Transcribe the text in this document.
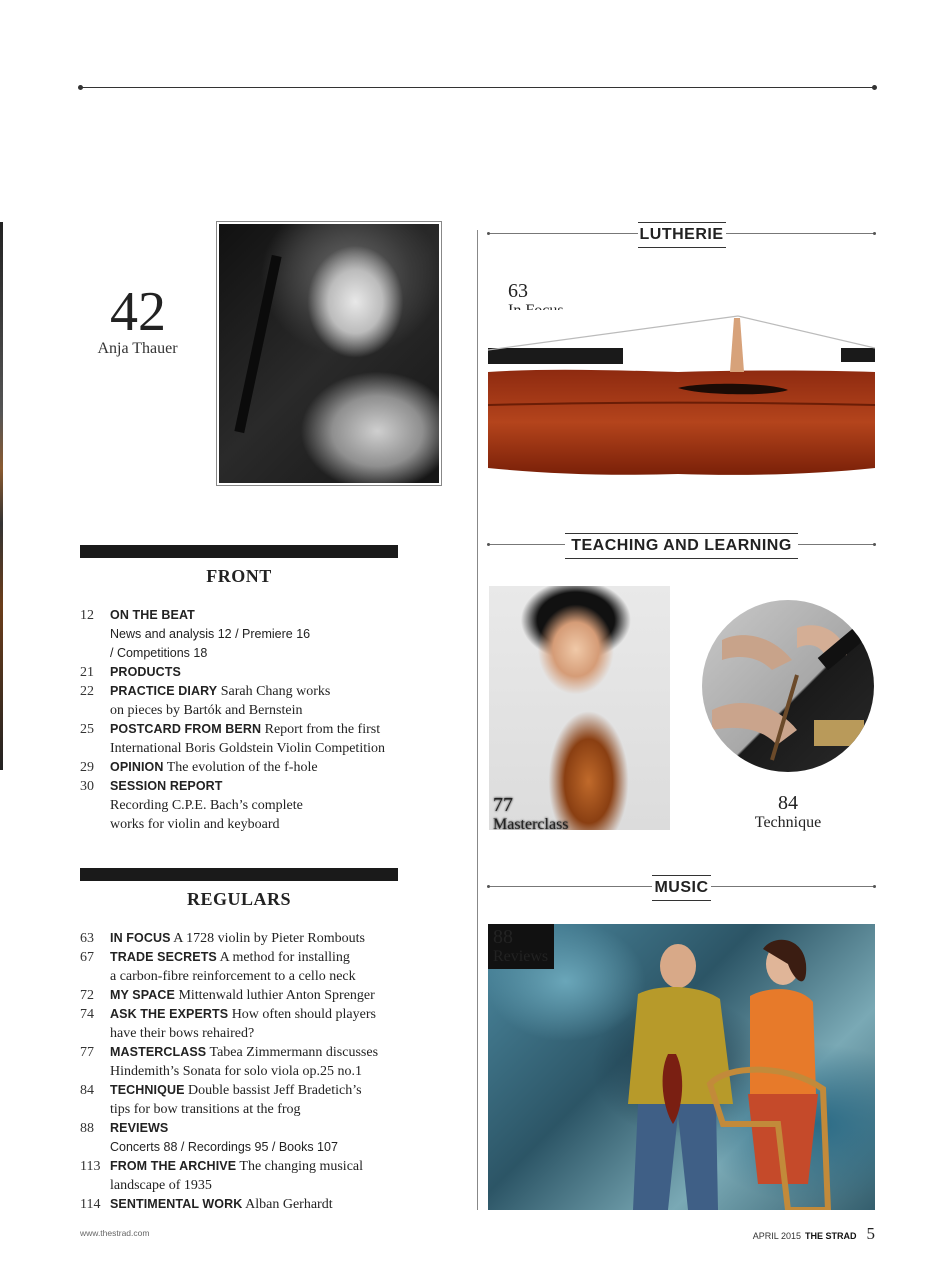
42
Anja Thauer
LUTHERIE
63
TEACHING AND LEARNING
77
Masterclass
84
Technique
MUSIC
88
Reviews
FRONT
12	ON THE BEAT
News and analysis 12 / Premiere 16
/ Competitions 18
21	PRODUCTS
22	PRACTICE DIARY Sarah Chang works
on pieces by Bartók and Bernstein
25	POSTCARD FROM BERN Report from the first
International Boris Goldstein Violin Competition
29	OPINION The evolution of the f-hole
30	SESSION REPORT
Recording C.P.E. Bach’s complete
works for violin and keyboard
REGULARS
63	IN FOCUS A 1728 violin by Pieter Rombouts
67	TRADE SECRETS A method for installing
a carbon-fibre reinforcement to a cello neck
72	MY SPACE Mittenwald luthier Anton Sprenger
74	ASK THE EXPERTS How often should players
have their bows rehaired?
77	MASTERCLASS Tabea Zimmermann discusses
Hindemith’s Sonata for solo viola op.25 no.1
84	TECHNIQUE Double bassist Jeff Bradetich’s
tips for bow transitions at the frog
88	REVIEWS
Concerts 88 / Recordings 95 / Books 107
113 FROM THE ARCHIVE The changing musical
landscape of 1935
114 SENTIMENTAL WORK Alban Gerhardt
www.thestrad.com	APRIL 2015 THE STRAD 5
